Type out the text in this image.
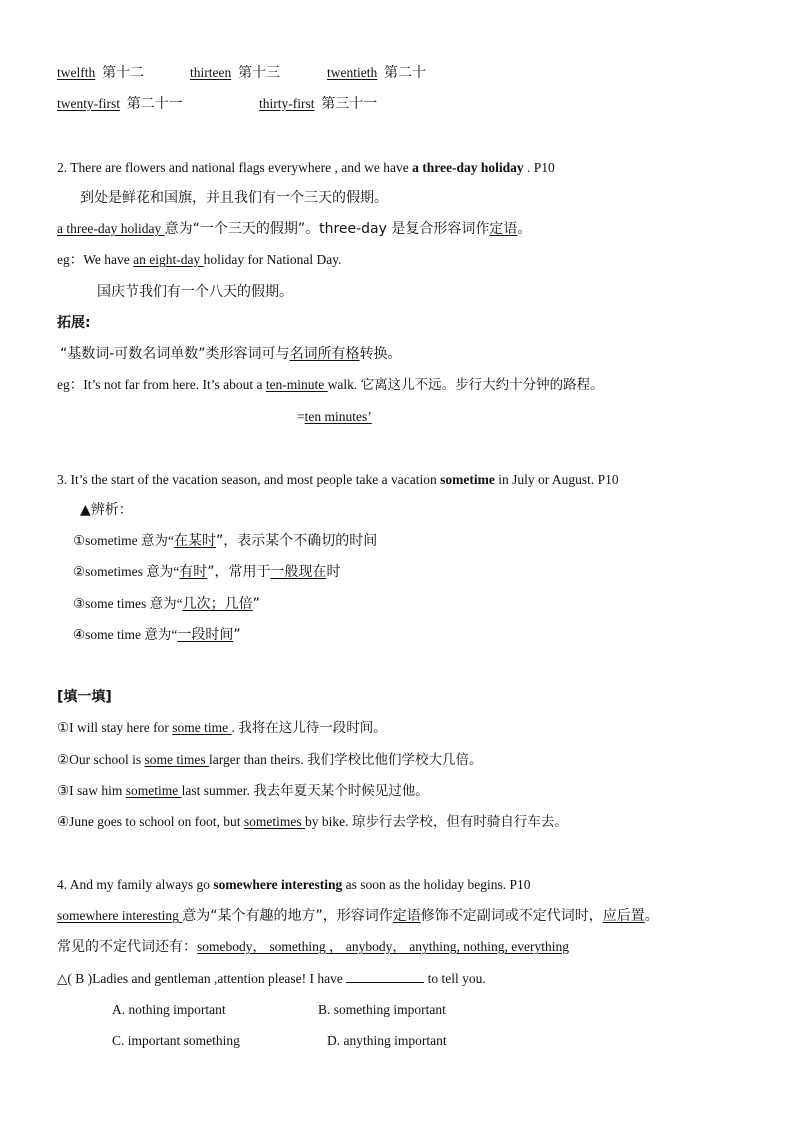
twelfth 第十二	thirteen 第十三	twentieth 第二十
twenty-first 第二十一	thirty-first 第三十一
2. There are flowers and national flags everywhere , and we have a three-day holiday . P10
到处是鲜花和国旗，并且我们有一个三天的假期。
a three-day holiday 意为“一个三天的假期”。three-day 是复合形容词作定语。
eg：We have an eight-day holiday for National Day.
国庆节我们有一个八天的假期。
拓展:
“基数词-可数名词单数”类形容词可与名词所有格转换。
eg：It’s not far from here. It’s about a ten-minute walk. 它离这儿不远。步行大约十分钟的路程。
=ten minutes’
3. It’s the start of the vacation season, and most people take a vacation sometime in July or August. P10
▲辨析：
①sometime 意为“在某时”，表示某个不确切的时间
②sometimes 意为“有时”，常用于一般现在时
③some times 意为“几次；几倍”
④some time 意为“一段时间”
[填一填]
①I will stay here for some time . 我将在这儿待一段时间。
②Our school is some times larger than theirs. 我们学校比他们学校大几倍。
③I saw him sometime last summer. 我去年夏天某个时候见过他。
④June goes to school on foot, but sometimes by bike. 琼步行去学校，但有时骑自行车去。
4. And my family always go somewhere interesting as soon as the holiday begins. P10
somewhere interesting 意为“某个有趣的地方”，形容词作定语修饰不定副词或不定代词时，应后置。
常见的不定代词还有：somebody， something ， anybody， anything, nothing, everything
△( B )Ladies and gentleman ,attention please! I have	to tell you.
A. nothing important	B. something important
C. important something	D. anything important
